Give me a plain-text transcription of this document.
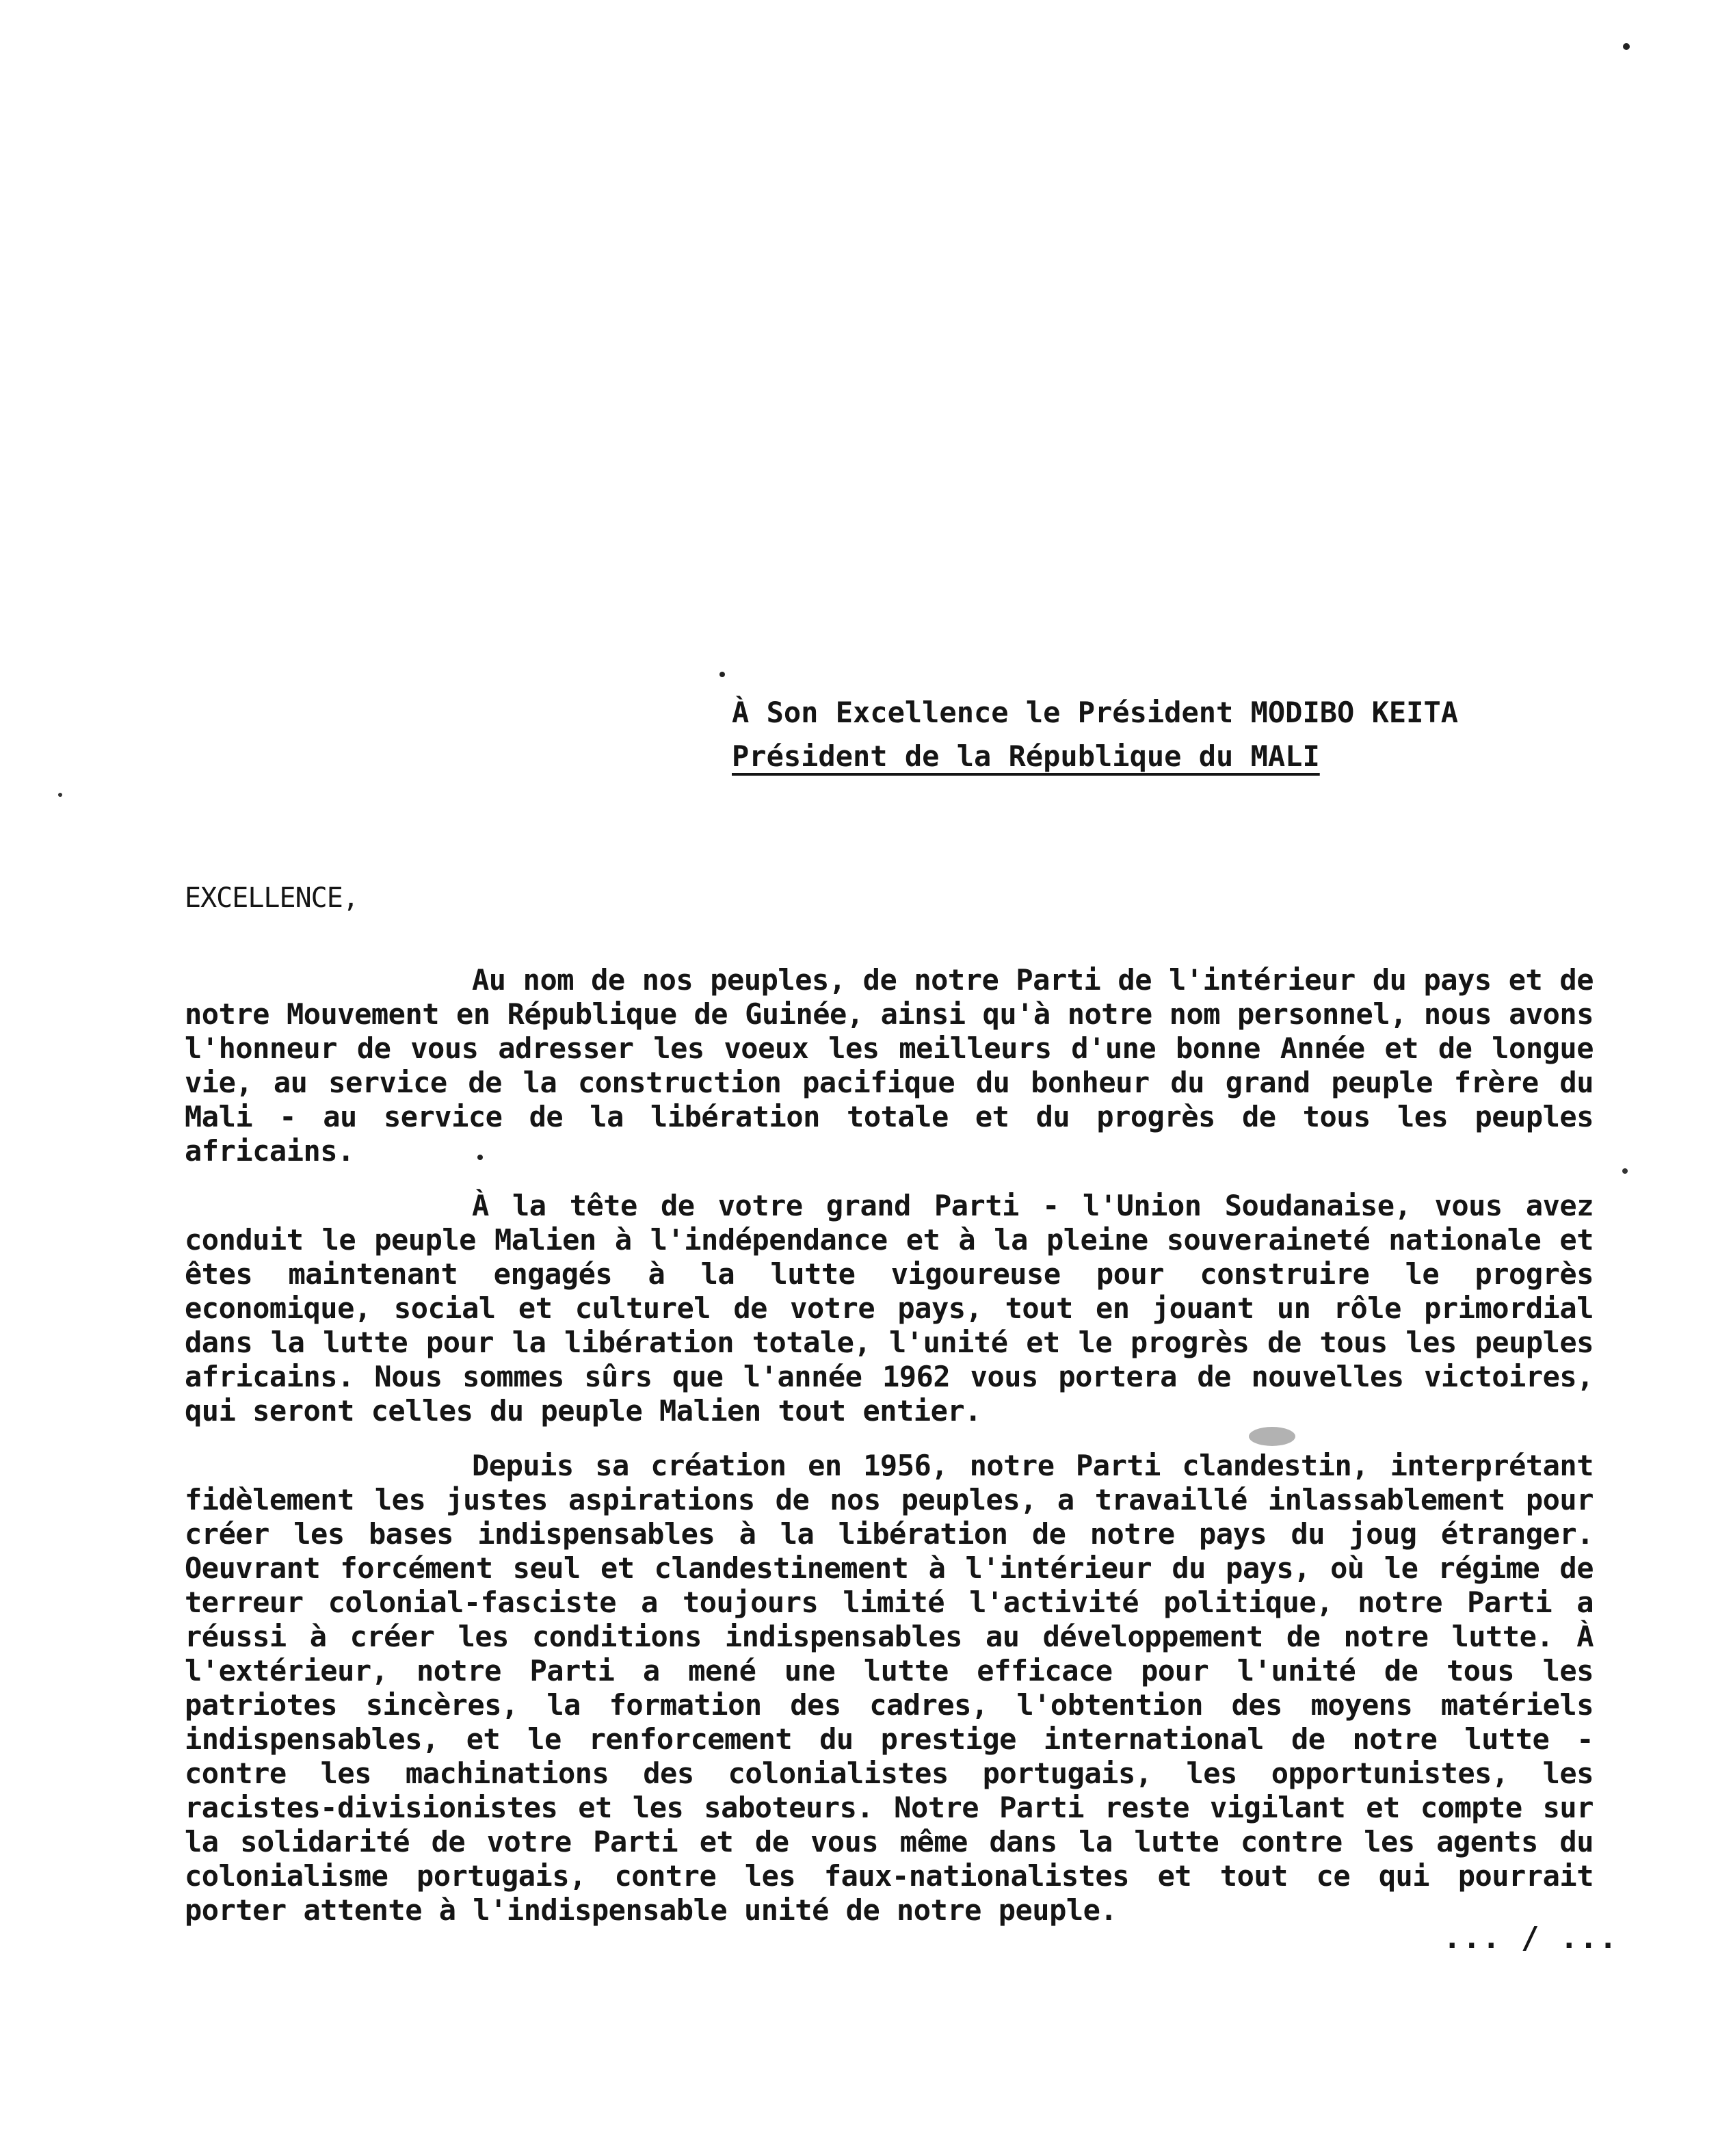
À Son Excellence le Président MODIBO KEITA
Président de la République du MALI
EXCELLENCE,

Au nom de nos peuples, de notre Parti de l'intérieur du pays et de notre Mouvement en République de Guinée, ainsi qu'à notre nom personnel, nous avons l'honneur de vous adresser les voeux les meilleurs d'une bonne Année et de longue vie, au service de la construction pacifique du bonheur du grand peuple frère du Mali - au service de la libération totale et du progrès de tous les peuples africains.

À la tête de votre grand Parti - l'Union Soudanaise, vous avez conduit le peuple Malien à l'indépendance et à la pleine souveraineté nationale et êtes maintenant engagés à la lutte vigoureuse pour construire le progrès economique, social et culturel de votre pays, tout en jouant un rôle primordial dans la lutte pour la libération totale, l'unité et le progrès de tous les peuples africains. Nous sommes sûrs que l'année 1962 vous portera de nouvelles victoires, qui seront celles du peuple Malien tout entier.

Depuis sa création en 1956, notre Parti clandestin, interprétant fidèlement les justes aspirations de nos peuples, a travaillé inlassablement pour créer les bases indispensables à la libération de notre pays du joug étranger. Oeuvrant forcément seul et clandestinement à l'intérieur du pays, où le régime de terreur colonial-fasciste a toujours limité l'activité politique, notre Parti a réussi à créer les conditions indispensables au développement de notre lutte. À l'extérieur, notre Parti a mené une lutte efficace pour l'unité de tous les patriotes sincères, la formation des cadres, l'obtention des moyens matériels indispensables, et le renforcement du prestige international de notre lutte - contre les machinations des colonialistes portugais, les opportunistes, les racistes-divisionistes et les saboteurs. Notre Parti reste vigilant et compte sur la solidarité de votre Parti et de vous même dans la lutte contre les agents du colonialisme portugais, contre les faux-nationalistes et tout ce qui pourrait porter attente à l'indispensable unité de notre peuple.

... / ...
